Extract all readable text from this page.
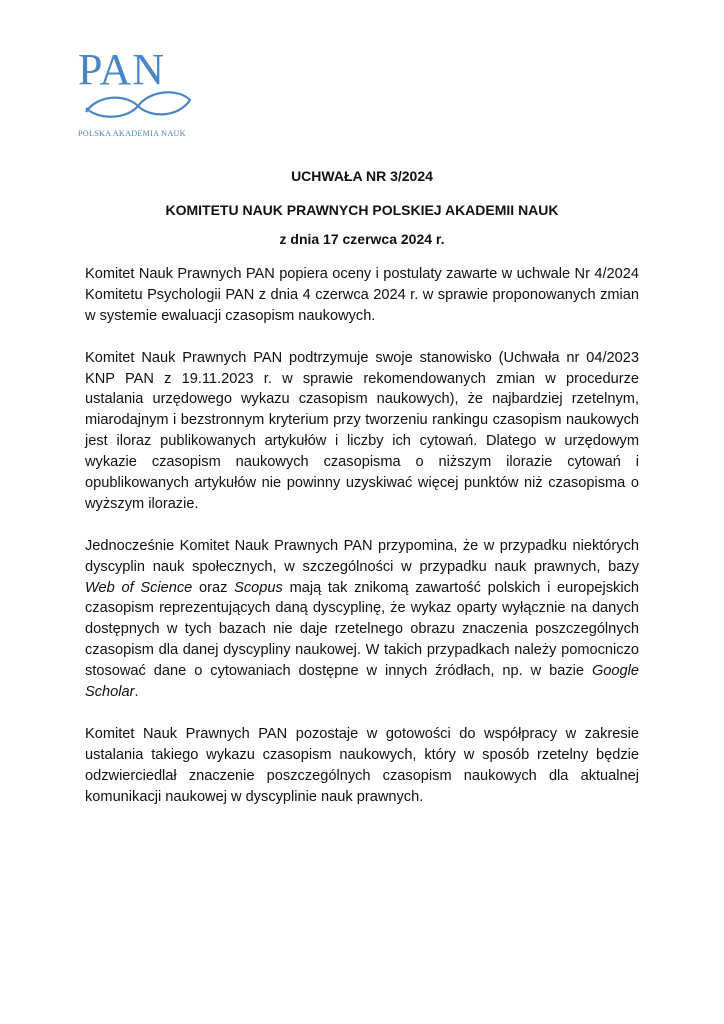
PAN
POLSKA AKADEMIA NAUK
UCHWAŁA NR 3/2024
KOMITETU NAUK PRAWNYCH POLSKIEJ AKADEMII NAUK
z dnia 17 czerwca 2024 r.

Komitet Nauk Prawnych PAN popiera oceny i postulaty zawarte w uchwale Nr 4/2024 Komitetu Psychologii PAN z dnia 4 czerwca 2024 r. w sprawie proponowanych zmian w systemie ewaluacji czasopism naukowych.

Komitet Nauk Prawnych PAN podtrzymuje swoje stanowisko (Uchwała nr 04/2023 KNP PAN z 19.11.2023 r. w sprawie rekomendowanych zmian w procedurze ustalania urzędowego wykazu czasopism naukowych), że najbardziej rzetelnym, miarodajnym i bezstronnym kryterium przy tworzeniu rankingu czasopism naukowych jest iloraz publikowanych artykułów i liczby ich cytowań. Dlatego w urzędowym wykazie czasopism naukowych czasopisma o niższym ilorazie cytowań i opublikowanych artykułów nie powinny uzyskiwać więcej punktów niż czasopisma o wyższym ilorazie.

Jednocześnie Komitet Nauk Prawnych PAN przypomina, że w przypadku niektórych dyscyplin nauk społecznych, w szczególności w przypadku nauk prawnych, bazy Web of Science oraz Scopus mają tak znikomą zawartość polskich i europejskich czasopism reprezentujących daną dyscyplinę, że wykaz oparty wyłącznie na danych dostępnych w tych bazach nie daje rzetelnego obrazu znaczenia poszczególnych czasopism dla danej dyscypliny naukowej. W takich przypadkach należy pomocniczo stosować dane o cytowaniach dostępne w innych źródłach, np. w bazie Google Scholar.

Komitet Nauk Prawnych PAN pozostaje w gotowości do współpracy w zakresie ustalania takiego wykazu czasopism naukowych, który w sposób rzetelny będzie odzwierciedlał znaczenie poszczególnych czasopism naukowych dla aktualnej komunikacji naukowej w dyscyplinie nauk prawnych.
